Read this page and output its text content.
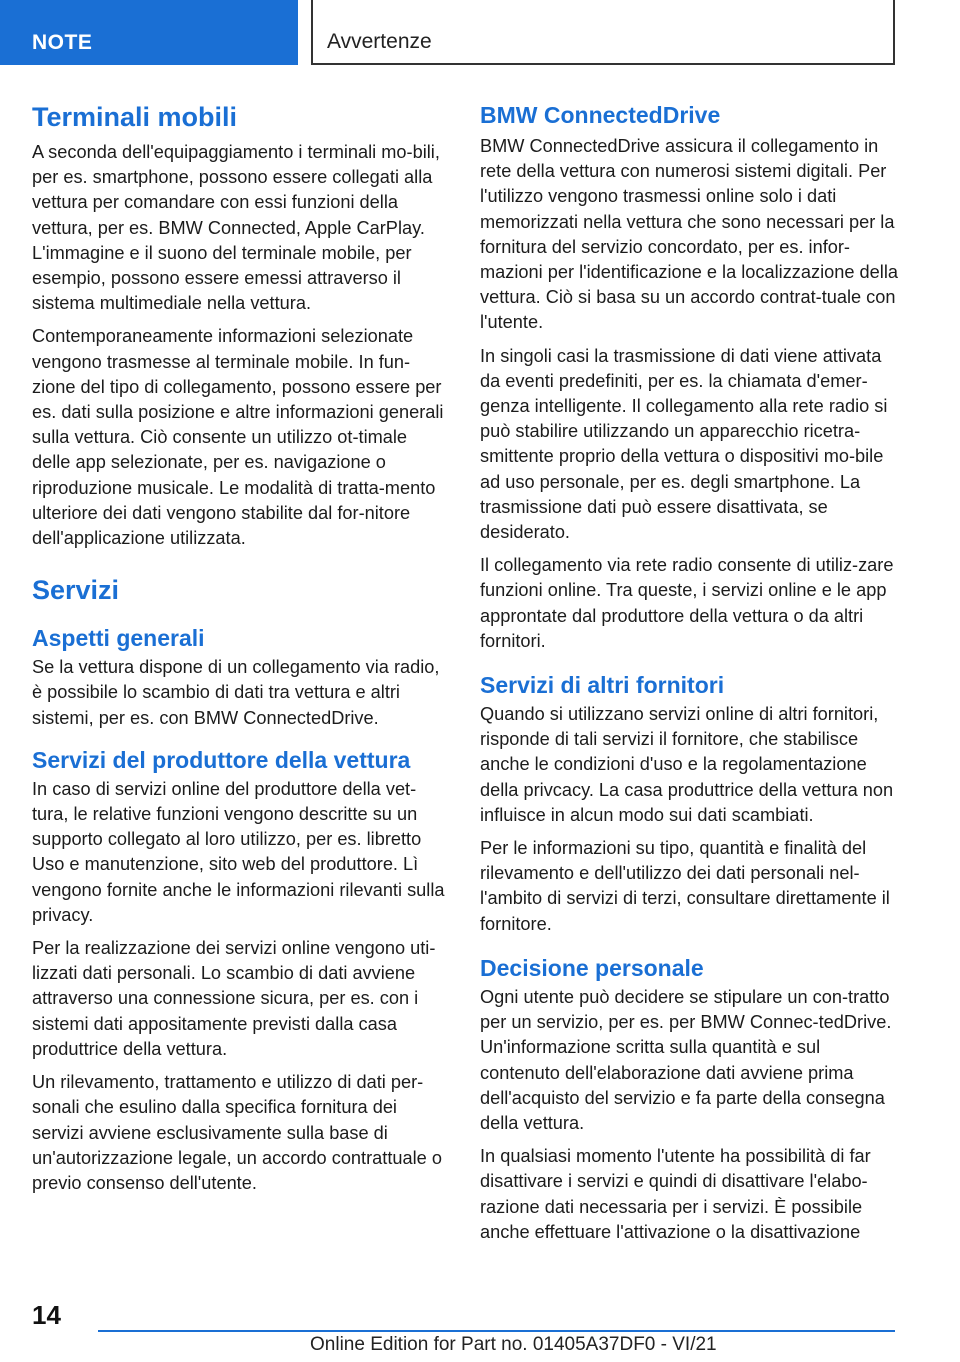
NOTE	Avvertenze
Terminali mobili

A seconda dell'equipaggiamento i terminali mo-bili, per es. smartphone, possono essere collegati alla vettura per comandare con essi funzioni della vettura, per es. BMW Connected, Apple CarPlay. L'immagine e il suono del terminale mobile, per esempio, possono essere emessi attraverso il sistema multimediale nella vettura.

Contemporaneamente informazioni selezionate vengono trasmesse al terminale mobile. In fun-zione del tipo di collegamento, possono essere per es. dati sulla posizione e altre informazioni generali sulla vettura. Ciò consente un utilizzo ot-timale delle app selezionate, per es. navigazione o riproduzione musicale. Le modalità di tratta-mento ulteriore dei dati vengono stabilite dal for-nitore dell'applicazione utilizzata.

Servizi
Aspetti generali

Se la vettura dispone di un collegamento via radio, è possibile lo scambio di dati tra vettura e altri sistemi, per es. con BMW ConnectedDrive.

Servizi del produttore della vettura

In caso di servizi online del produttore della vet-tura, le relative funzioni vengono descritte su un supporto collegato al loro utilizzo, per es. libretto Uso e manutenzione, sito web del produttore. Lì vengono fornite anche le informazioni rilevanti sulla privacy.

Per la realizzazione dei servizi online vengono uti-lizzati dati personali. Lo scambio di dati avviene attraverso una connessione sicura, per es. con i sistemi dati appositamente previsti dalla casa produttrice della vettura.

Un rilevamento, trattamento e utilizzo di dati per-sonali che esulino dalla specifica fornitura dei servizi avviene esclusivamente sulla base di un'autorizzazione legale, un accordo contrattuale o previo consenso dell'utente.

BMW ConnectedDrive

BMW ConnectedDrive assicura il collegamento in rete della vettura con numerosi sistemi digitali. Per l'utilizzo vengono trasmessi online solo i dati memorizzati nella vettura che sono necessari per la fornitura del servizio concordato, per es. infor-mazioni per l'identificazione e la localizzazione della vettura. Ciò si basa su un accordo contrat-tuale con l'utente.

In singoli casi la trasmissione di dati viene attivata da eventi predefiniti, per es. la chiamata d'emer-genza intelligente. Il collegamento alla rete radio si può stabilire utilizzando un apparecchio ricetra-smittente proprio della vettura o dispositivi mo-bile ad uso personale, per es. degli smartphone. La trasmissione dati può essere disattivata, se desiderato.

Il collegamento via rete radio consente di utiliz-zare funzioni online. Tra queste, i servizi online e le app approntate dal produttore della vettura o da altri fornitori.

Servizi di altri fornitori

Quando si utilizzano servizi online di altri fornitori, risponde di tali servizi il fornitore, che stabilisce anche le condizioni d'uso e la regolamentazione della privcacy. La casa produttrice della vettura non influisce in alcun modo sui dati scambiati.

Per le informazioni su tipo, quantità e finalità del rilevamento e dell'utilizzo dei dati personali nel-l'ambito di servizi di terzi, consultare direttamente il fornitore.

Decisione personale

Ogni utente può decidere se stipulare un con-tratto per un servizio, per es. per BMW Connec-tedDrive. Un'informazione scritta sulla quantità e sul contenuto dell'elaborazione dati avviene prima dell'acquisto del servizio e fa parte della consegna della vettura.

In qualsiasi momento l'utente ha possibilità di far disattivare i servizi e quindi di disattivare l'elabo-razione dati necessaria per i servizi. È possibile anche effettuare l'attivazione o la disattivazione

14
Online Edition for Part no. 01405A37DF0 - VI/21
